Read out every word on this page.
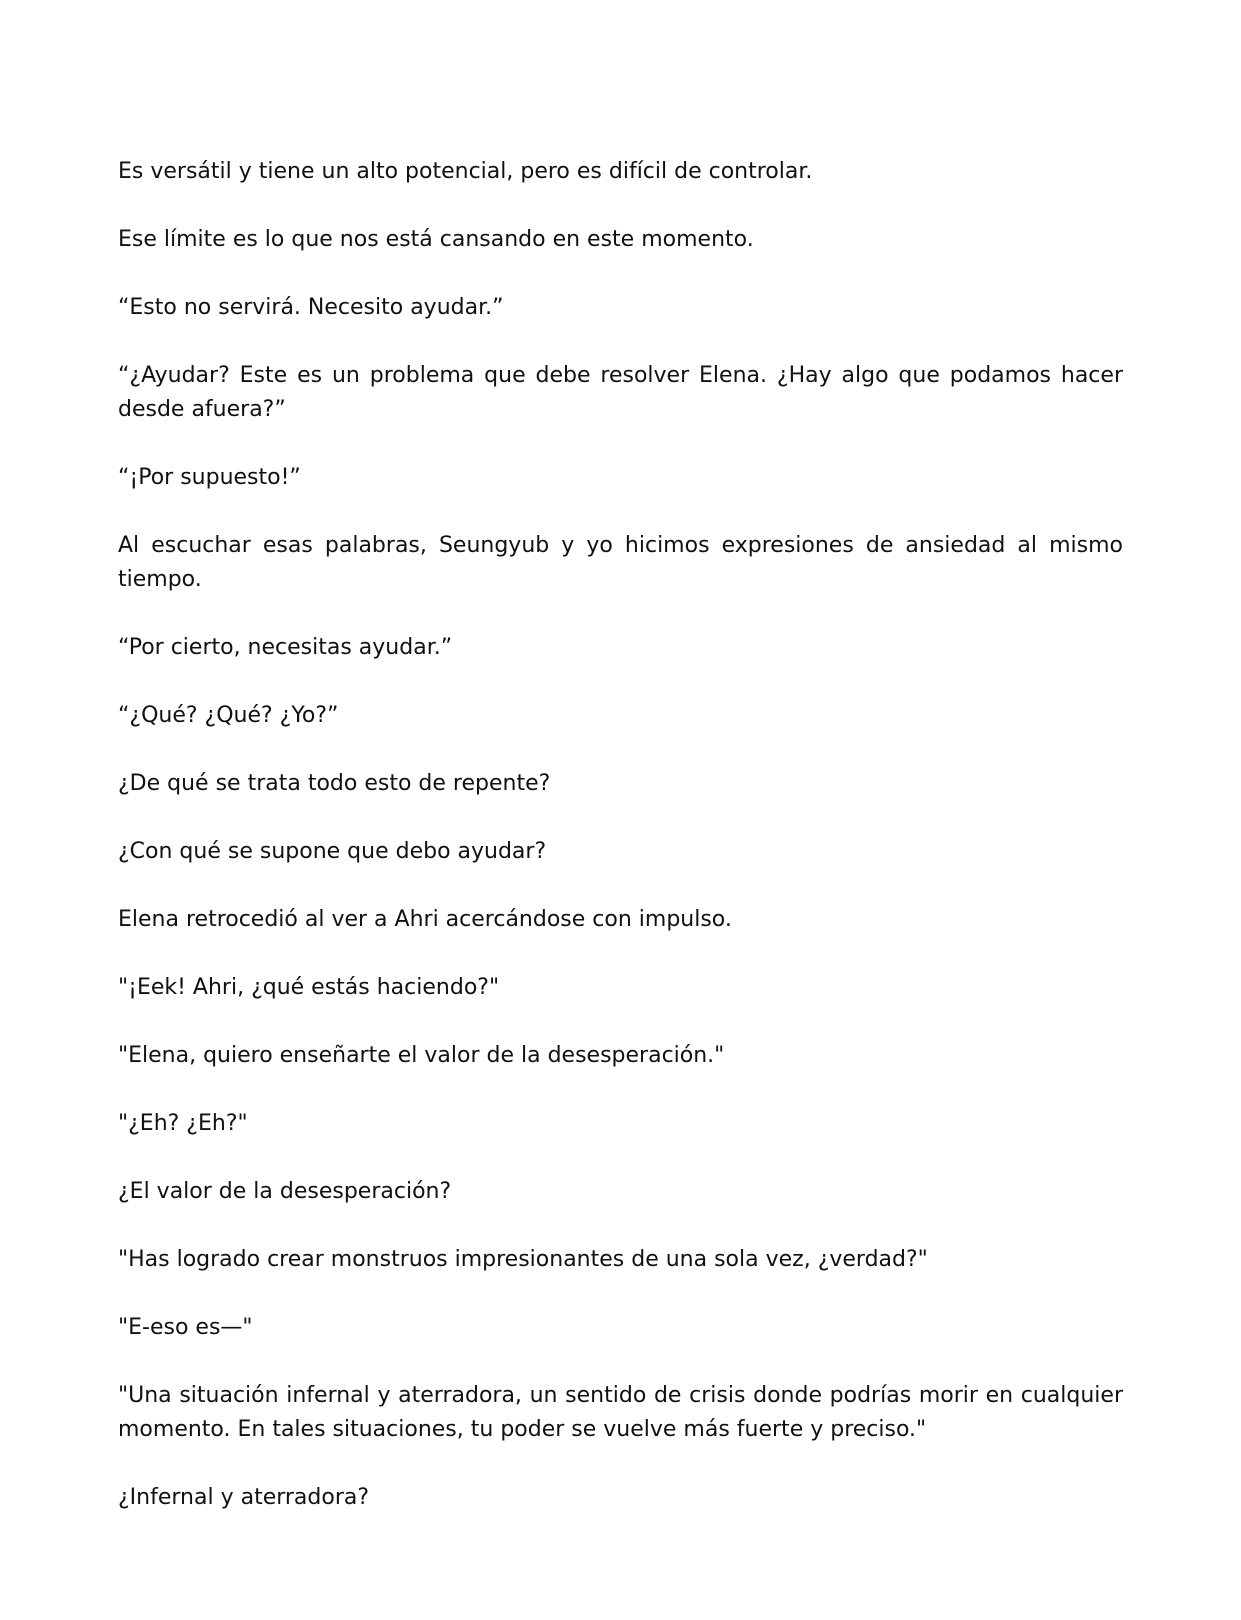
Es versátil y tiene un alto potencial, pero es difícil de controlar.

Ese límite es lo que nos está cansando en este momento.

“Esto no servirá. Necesito ayudar.”

“¿Ayudar? Este es un problema que debe resolver Elena. ¿Hay algo que podamos hacer desde afuera?”

“¡Por supuesto!”

Al escuchar esas palabras, Seungyub y yo hicimos expresiones de ansiedad al mismo tiempo.

“Por cierto, necesitas ayudar.”

“¿Qué? ¿Qué? ¿Yo?”

¿De qué se trata todo esto de repente?

¿Con qué se supone que debo ayudar?

Elena retrocedió al ver a Ahri acercándose con impulso.

"¡Eek! Ahri, ¿qué estás haciendo?"

"Elena, quiero enseñarte el valor de la desesperación."

"¿Eh? ¿Eh?"

¿El valor de la desesperación?

"Has logrado crear monstruos impresionantes de una sola vez, ¿verdad?"

"E-eso es—"

"Una situación infernal y aterradora, un sentido de crisis donde podrías morir en cualquier momento. En tales situaciones, tu poder se vuelve más fuerte y preciso."

¿Infernal y aterradora?
